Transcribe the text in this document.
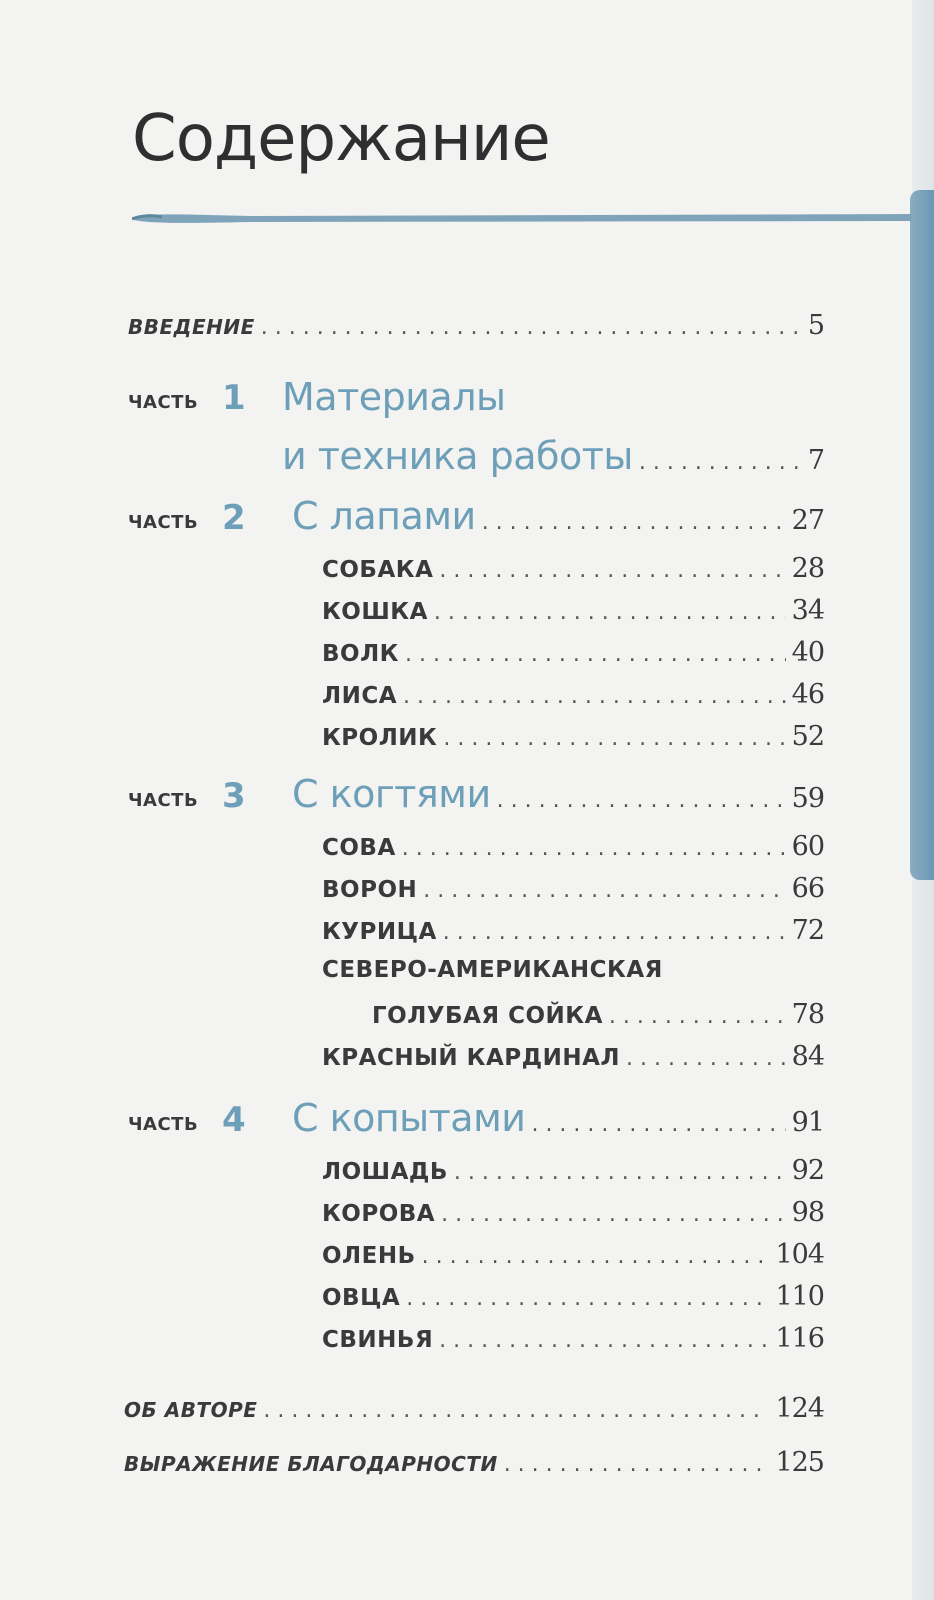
Содержание
ВВЕДЕНИЕ . . .	5
ЧАСТЬ 1 Материалы
и техника работы . . .	7
ЧАСТЬ 2 С лапами . . .	27
СОБАКА . . .	28
КОШКА . . .	34
ВОЛК . . .	40
ЛИСА . . .	46
КРОЛИК . . .	52
ЧАСТЬ 3 С когтями . . .	59
СОВА . . .	60
ВОРОН . . .	66
КУРИЦА . . .	72
СЕВЕРО-АМЕРИКАНСКАЯ
ГОЛУБАЯ СОЙКА . . .	78
КРАСНЫЙ КАРДИНАЛ . . .	84
ЧАСТЬ 4 С копытами . . .	91
ЛОШАДЬ . . .	92
КОРОВА . . .	98
ОЛЕНЬ . . .	104
ОВЦА . . .	110
СВИНЬЯ . . .	116
ОБ АВТОРЕ . . .	124
ВЫРАЖЕНИЕ БЛАГОДАРНОСТИ . . .	125
